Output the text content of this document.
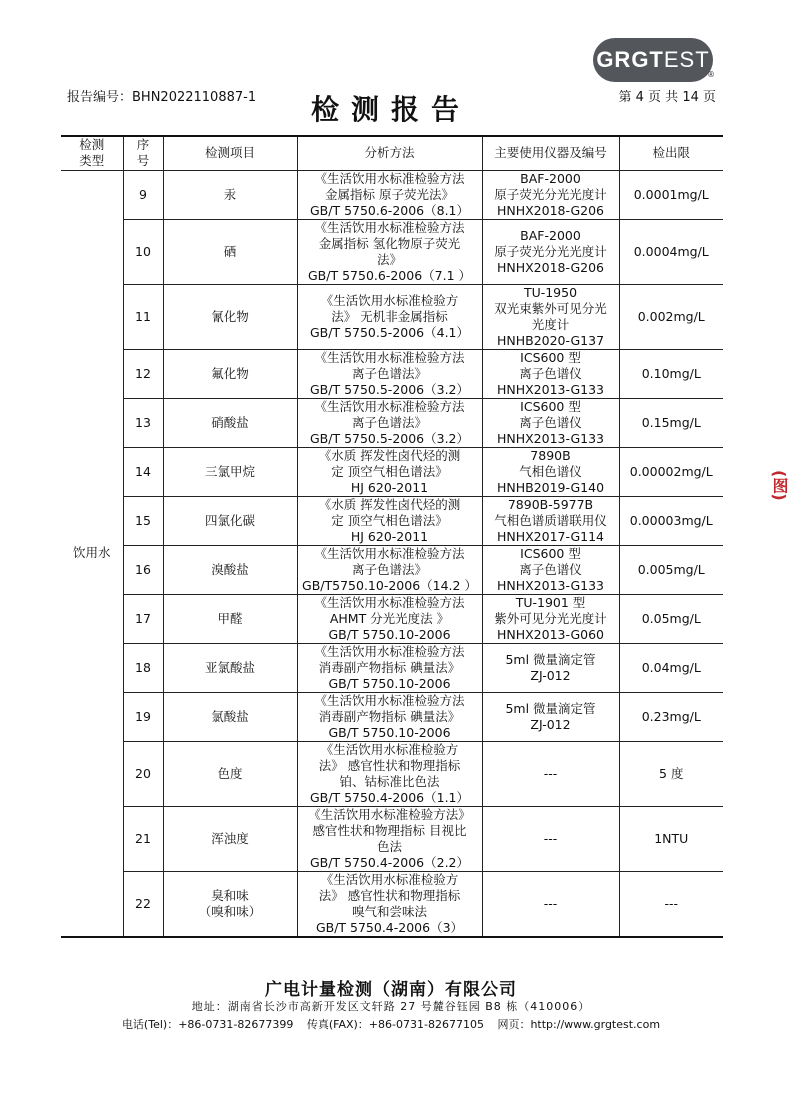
GRGT EST
®
报告编号：BHN2022110887-1	检测报告	第 4 页 共 14 页
检测
类型	序
号	检测项目	分析方法	主要使用仪器及编号	检出限
饮用水	9	汞	《生活饮用水标准检验方法
金属指标 原子荧光法》
GB/T 5750.6-2006（8.1）	BAF-2000
原子荧光分光光度计
HNHX2018-G206	0.0001mg/L
	10	硒	《生活饮用水标准检验方法
金属指标 氢化物原子荧光
法》
GB/T 5750.6-2006（7.1 ）	BAF-2000
原子荧光分光光度计
HNHX2018-G206	0.0004mg/L
	11	氰化物	《生活饮用水标准检验方
法》 无机非金属指标
GB/T 5750.5-2006（4.1）	TU-1950
双光束紫外可见分光
光度计
HNHB2020-G137	0.002mg/L
	12	氟化物	《生活饮用水标准检验方法
离子色谱法》
GB/T 5750.5-2006（3.2）	ICS600 型
离子色谱仪
HNHX2013-G133	0.10mg/L
	13	硝酸盐	《生活饮用水标准检验方法
离子色谱法》
GB/T 5750.5-2006（3.2）	ICS600 型
离子色谱仪
HNHX2013-G133	0.15mg/L
	14	三氯甲烷	《水质 挥发性卤代烃的测
定 顶空气相色谱法》
HJ 620-2011	7890B
气相色谱仪
HNHB2019-G140	0.00002mg/L
	15	四氯化碳	《水质 挥发性卤代烃的测
定 顶空气相色谱法》
HJ 620-2011	7890B-5977B
气相色谱质谱联用仪
HNHX2017-G114	0.00003mg/L
	16	溴酸盐	《生活饮用水标准检验方法
离子色谱法》
GB/T5750.10-2006（14.2 ）	ICS600 型
离子色谱仪
HNHX2013-G133	0.005mg/L
	17	甲醛	《生活饮用水标准检验方法
AHMT 分光光度法 》
GB/T 5750.10-2006	TU-1901 型
紫外可见分光光度计
HNHX2013-G060	0.05mg/L
	18	亚氯酸盐	《生活饮用水标准检验方法
消毒副产物指标 碘量法》
GB/T 5750.10-2006	5ml 微量滴定管
ZJ-012	0.04mg/L
	19	氯酸盐	《生活饮用水标准检验方法
消毒副产物指标 碘量法》
GB/T 5750.10-2006	5ml 微量滴定管
ZJ-012	0.23mg/L
	20	色度	《生活饮用水标准检验方
法》 感官性状和物理指标
铂、钴标准比色法
GB/T 5750.4-2006（1.1）	---	5 度
	21	浑浊度	《生活饮用水标准检验方法》
感官性状和物理指标 目视比
色法
GB/T 5750.4-2006（2.2）	---	1NTU
	22	臭和味
（嗅和味）	《生活饮用水标准检验方
法》 感官性状和物理指标
嗅气和尝味法
GB/T 5750.4-2006（3）	---	---
(图)
广电计量检测（湖南）有限公司
地址：湖南省长沙市高新开发区文轩路 27 号麓谷钰园 B8 栋（410006）
电话(Tel)：+86-0731-82677399 传真(FAX)：+86-0731-82677105 网页：http://www.grgtest.com
